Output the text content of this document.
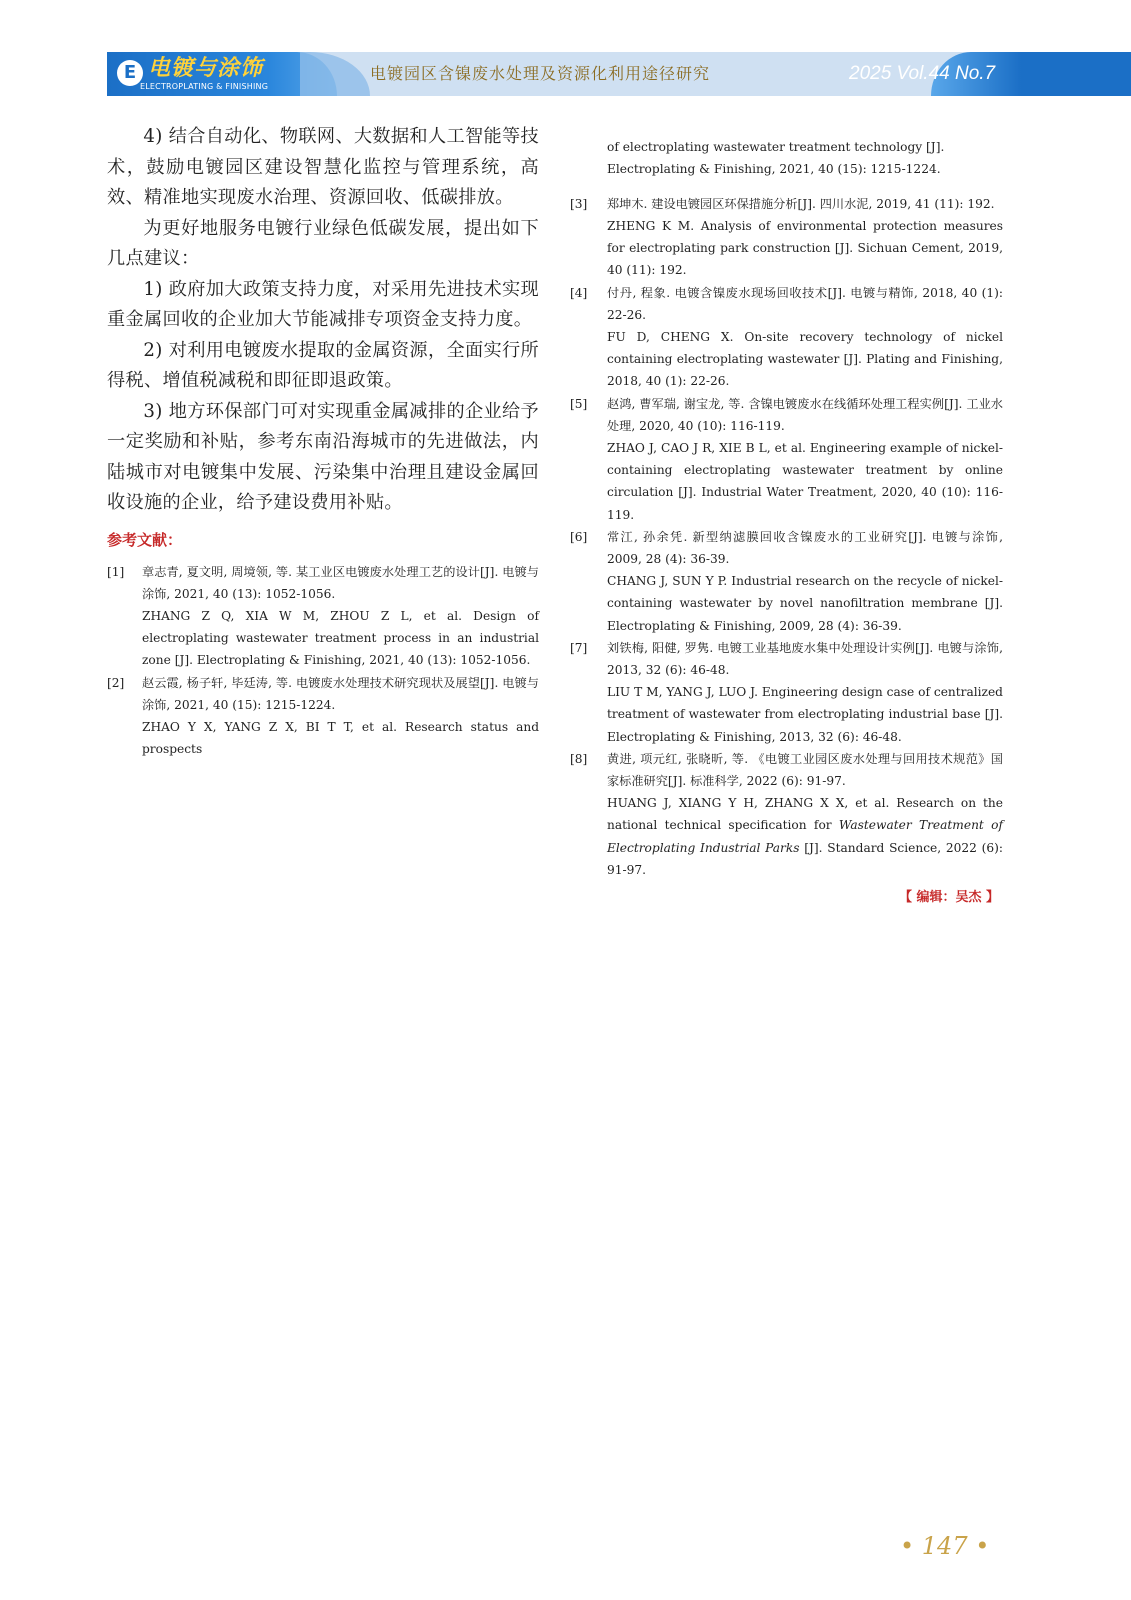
E 电镀与涂饰
ELECTROPLATING & FINISHING
电镀园区含镍废水处理及资源化利用途径研究	2025 Vol.44 No.7

4) 结合自动化、物联网、大数据和人工智能等技术，鼓励电镀园区建设智慧化监控与管理系统，高效、精准地实现废水治理、资源回收、低碳排放。

为更好地服务电镀行业绿色低碳发展，提出如下几点建议：

1) 政府加大政策支持力度，对采用先进技术实现重金属回收的企业加大节能减排专项资金支持力度。

2) 对利用电镀废水提取的金属资源，全面实行所得税、增值税减税和即征即退政策。

3) 地方环保部门可对实现重金属减排的企业给予一定奖励和补贴，参考东南沿海城市的先进做法，内陆城市对电镀集中发展、污染集中治理且建设金属回收设施的企业，给予建设费用补贴。

参考文献：
[1]	章志青, 夏文明, 周境领, 等. 某工业区电镀废水处理工艺的设计[J]. 电镀与涂饰, 2021, 40 (13): 1052-1056.

ZHANG Z Q, XIA W M, ZHOU Z L, et al. Design of electroplating wastewater treatment process in an industrial zone [J]. Electroplating & Finishing, 2021, 40 (13): 1052-1056.

[2]	赵云霞, 杨子轩, 毕廷涛, 等. 电镀废水处理技术研究现状及展望[J]. 电镀与涂饰, 2021, 40 (15): 1215-1224.

ZHAO Y X, YANG Z X, BI T T, et al. Research status and prospects

of electroplating wastewater treatment technology [J]. Electroplating & Finishing, 2021, 40 (15): 1215-1224.

[3]	郑坤木. 建设电镀园区环保措施分析[J]. 四川水泥, 2019, 41 (11): 192.

ZHENG K M. Analysis of environmental protection measures for electroplating park construction [J]. Sichuan Cement, 2019, 40 (11): 192.

[4]	付丹, 程象. 电镀含镍废水现场回收技术[J]. 电镀与精饰, 2018, 40 (1): 22-26.

FU D, CHENG X. On-site recovery technology of nickel containing electroplating wastewater [J]. Plating and Finishing, 2018, 40 (1): 22-26.

[5]	赵鸿, 曹军瑞, 谢宝龙, 等. 含镍电镀废水在线循环处理工程实例[J]. 工业水处理, 2020, 40 (10): 116-119.

ZHAO J, CAO J R, XIE B L, et al. Engineering example of nickel-containing electroplating wastewater treatment by online circulation [J]. Industrial Water Treatment, 2020, 40 (10): 116-119.

[6]	常江, 孙余凭. 新型纳滤膜回收含镍废水的工业研究[J]. 电镀与涂饰, 2009, 28 (4): 36-39.

CHANG J, SUN Y P. Industrial research on the recycle of nickel-containing wastewater by novel nanofiltration membrane [J]. Electroplating & Finishing, 2009, 28 (4): 36-39.

[7]	刘铁梅, 阳健, 罗隽. 电镀工业基地废水集中处理设计实例[J]. 电镀与涂饰, 2013, 32 (6): 46-48.

LIU T M, YANG J, LUO J. Engineering design case of centralized treatment of wastewater from electroplating industrial base [J]. Electroplating & Finishing, 2013, 32 (6): 46-48.

[8]	黄进, 项元红, 张晓昕, 等. 《电镀工业园区废水处理与回用技术规范》国家标准研究[J]. 标准科学, 2022 (6): 91-97.

HUANG J, XIANG Y H, ZHANG X X, et al. Research on the national technical specification for Wastewater Treatment of Electroplating Industrial Parks [J]. Standard Science, 2022 (6): 91-97.

【 编辑：吴杰 】
• 147 •
